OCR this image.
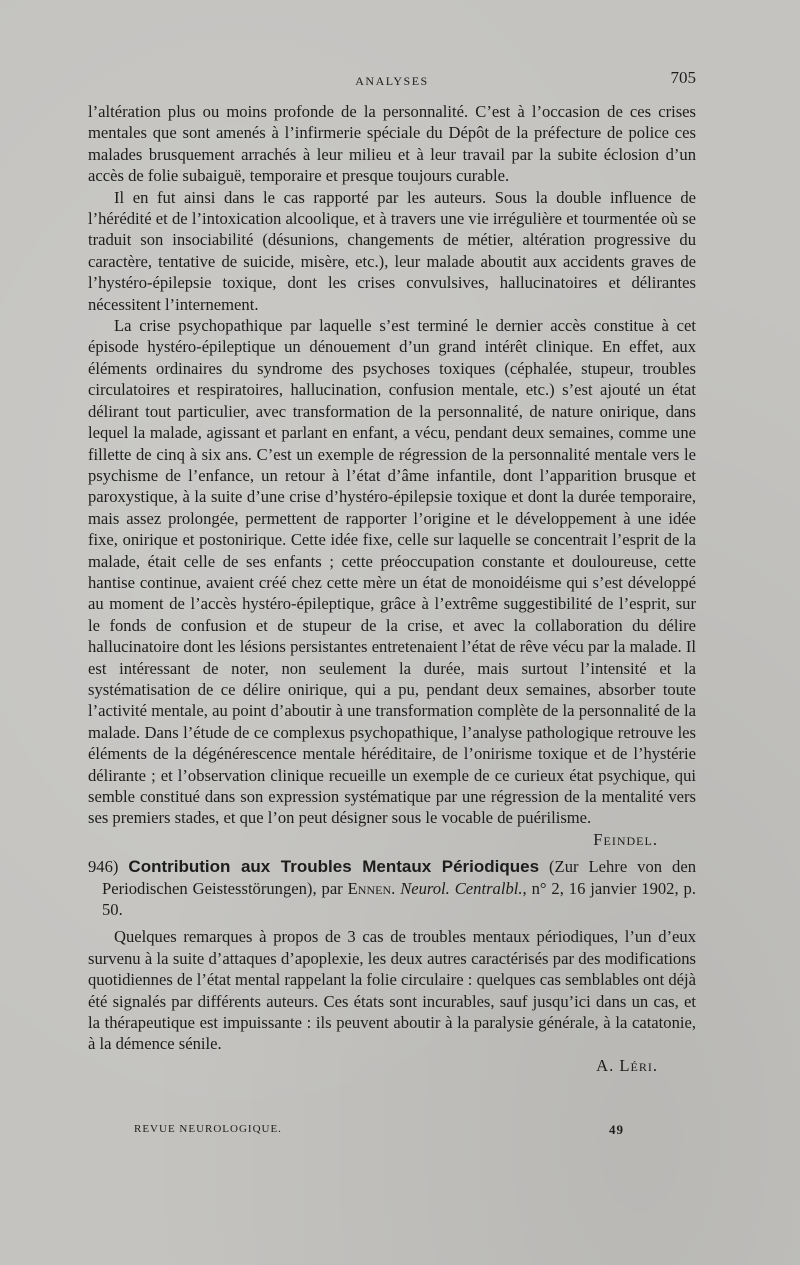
ANALYSES	705

l’altération plus ou moins profonde de la personnalité. C’est à l’occasion de ces crises mentales que sont amenés à l’infirmerie spéciale du Dépôt de la préfecture de police ces malades brusquement arrachés à leur milieu et à leur travail par la subite éclosion d’un accès de folie subaiguë, temporaire et presque toujours curable.

Il en fut ainsi dans le cas rapporté par les auteurs. Sous la double influence de l’hérédité et de l’intoxication alcoolique, et à travers une vie irrégulière et tourmentée où se traduit son insociabilité (désunions, changements de métier, altération progressive du caractère, tentative de suicide, misère, etc.), leur malade aboutit aux accidents graves de l’hystéro-épilepsie toxique, dont les crises convulsives, hallucinatoires et délirantes nécessitent l’internement.

La crise psychopathique par laquelle s’est terminé le dernier accès constitue à cet épisode hystéro-épileptique un dénouement d’un grand intérêt clinique. En effet, aux éléments ordinaires du syndrome des psychoses toxiques (céphalée, stupeur, troubles circulatoires et respiratoires, hallucination, confusion mentale, etc.) s’est ajouté un état délirant tout particulier, avec transformation de la personnalité, de nature onirique, dans lequel la malade, agissant et parlant en enfant, a vécu, pendant deux semaines, comme une fillette de cinq à six ans. C’est un exemple de régression de la personnalité mentale vers le psychisme de l’enfance, un retour à l’état d’âme infantile, dont l’apparition brusque et paroxystique, à la suite d’une crise d’hystéro-épilepsie toxique et dont la durée temporaire, mais assez prolongée, permettent de rapporter l’origine et le développement à une idée fixe, onirique et postonirique. Cette idée fixe, celle sur laquelle se concentrait l’esprit de la malade, était celle de ses enfants ; cette préoccupation constante et douloureuse, cette hantise continue, avaient créé chez cette mère un état de monoidéisme qui s’est développé au moment de l’accès hystéro-épileptique, grâce à l’extrême suggestibilité de l’esprit, sur le fonds de confusion et de stupeur de la crise, et avec la collaboration du délire hallucinatoire dont les lésions persistantes entretenaient l’état de rêve vécu par la malade. Il est intéressant de noter, non seulement la durée, mais surtout l’intensité et la systématisation de ce délire onirique, qui a pu, pendant deux semaines, absorber toute l’activité mentale, au point d’aboutir à une transformation complète de la personnalité de la malade. Dans l’étude de ce complexus psychopathique, l’analyse pathologique retrouve les éléments de la dégénérescence mentale héréditaire, de l’onirisme toxique et de l’hystérie délirante ; et l’observation clinique recueille un exemple de ce curieux état psychique, qui semble constitué dans son expression systématique par une régression de la mentalité vers ses premiers stades, et que l’on peut désigner sous le vocable de puérilisme.

Feindel.

946) Contribution aux Troubles Mentaux Périodiques (Zur Lehre von den Periodischen Geistesstörungen), par Ennen. Neurol. Centralbl., n° 2, 16 janvier 1902, p. 50.

Quelques remarques à propos de 3 cas de troubles mentaux périodiques, l’un d’eux survenu à la suite d’attaques d’apoplexie, les deux autres caractérisés par des modifications quotidiennes de l’état mental rappelant la folie circulaire : quelques cas semblables ont déjà été signalés par différents auteurs. Ces états sont incurables, sauf jusqu’ici dans un cas, et la thérapeutique est impuissante : ils peuvent aboutir à la paralysie générale, à la catatonie, à la démence sénile.

A. Léri.

REVUE NEUROLOGIQUE.	49
